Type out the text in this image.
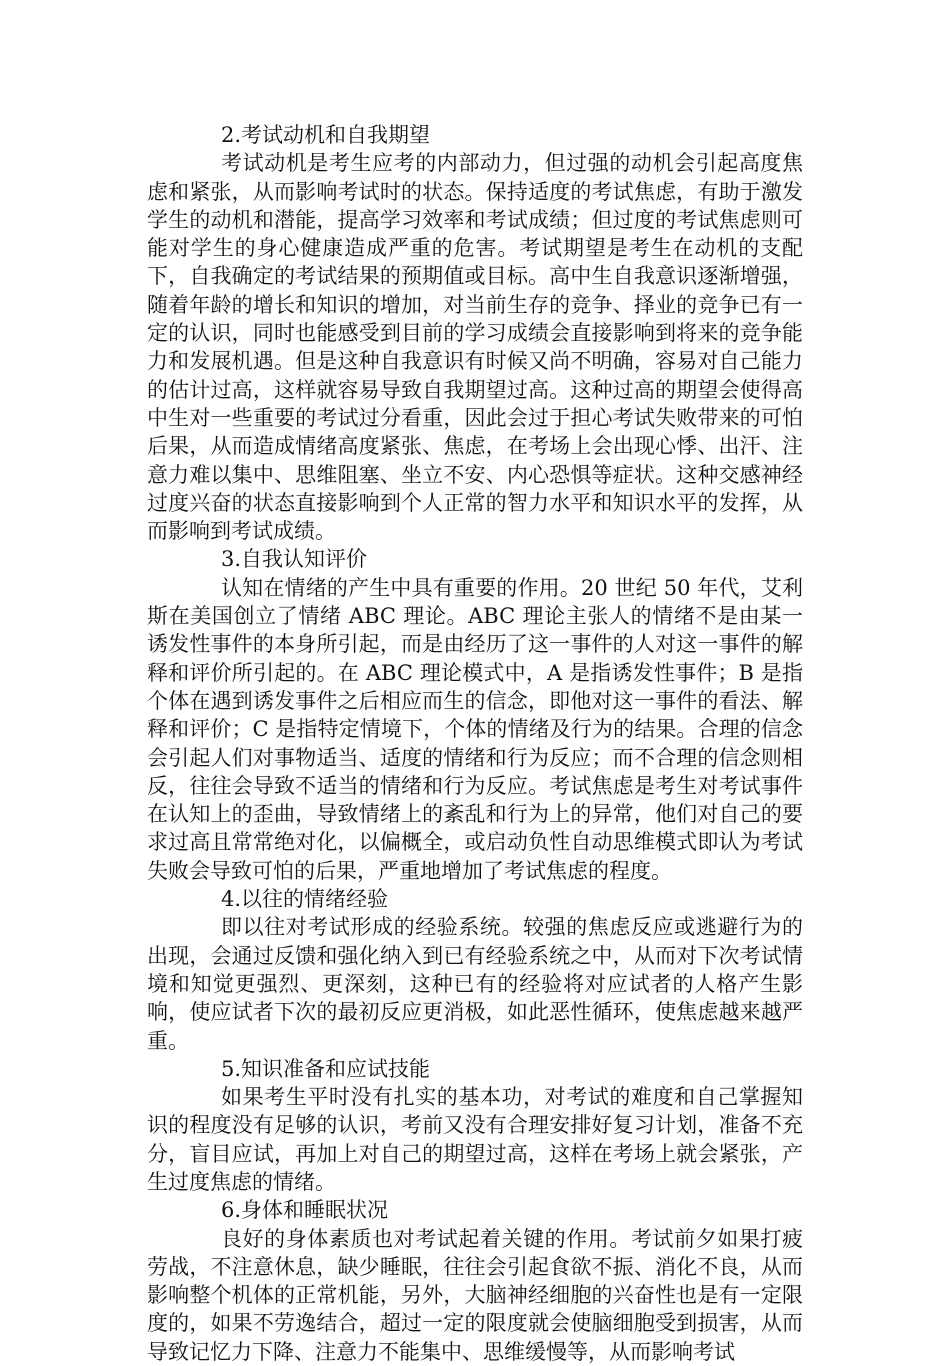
2.考试动机和自我期望

考试动机是考生应考的内部动力，但过强的动机会引起高度焦虑和紧张，从而影响考试时的状态。保持适度的考试焦虑，有助于激发学生的动机和潜能，提高学习效率和考试成绩；但过度的考试焦虑则可能对学生的身心健康造成严重的危害。考试期望是考生在动机的支配下，自我确定的考试结果的预期值或目标。高中生自我意识逐渐增强，随着年龄的增长和知识的增加，对当前生存的竞争、择业的竞争已有一定的认识，同时也能感受到目前的学习成绩会直接影响到将来的竞争能力和发展机遇。但是这种自我意识有时候又尚不明确，容易对自己能力的估计过高，这样就容易导致自我期望过高。这种过高的期望会使得高中生对一些重要的考试过分看重，因此会过于担心考试失败带来的可怕后果，从而造成情绪高度紧张、焦虑，在考场上会出现心悸、出汗、注意力难以集中、思维阻塞、坐立不安、内心恐惧等症状。这种交感神经过度兴奋的状态直接影响到个人正常的智力水平和知识水平的发挥，从而影响到考试成绩。

3.自我认知评价

认知在情绪的产生中具有重要的作用。20 世纪 50 年代，艾利斯在美国创立了情绪 ABC 理论。ABC 理论主张人的情绪不是由某一诱发性事件的本身所引起，而是由经历了这一事件的人对这一事件的解释和评价所引起的。在 ABC 理论模式中，A 是指诱发性事件；B 是指个体在遇到诱发事件之后相应而生的信念，即他对这一事件的看法、解释和评价；C 是指特定情境下，个体的情绪及行为的结果。合理的信念会引起人们对事物适当、适度的情绪和行为反应；而不合理的信念则相反，往往会导致不适当的情绪和行为反应。考试焦虑是考生对考试事件在认知上的歪曲，导致情绪上的紊乱和行为上的异常，他们对自己的要求过高且常常绝对化，以偏概全，或启动负性自动思维模式即认为考试失败会导致可怕的后果，严重地增加了考试焦虑的程度。

4.以往的情绪经验

即以往对考试形成的经验系统。较强的焦虑反应或逃避行为的出现，会通过反馈和强化纳入到已有经验系统之中，从而对下次考试情境和知觉更强烈、更深刻，这种已有的经验将对应试者的人格产生影响，使应试者下次的最初反应更消极，如此恶性循环，使焦虑越来越严重。

5.知识准备和应试技能

如果考生平时没有扎实的基本功，对考试的难度和自己掌握知识的程度没有足够的认识，考前又没有合理安排好复习计划，准备不充分，盲目应试，再加上对自己的期望过高，这样在考场上就会紧张，产生过度焦虑的情绪。

6.身体和睡眠状况

良好的身体素质也对考试起着关键的作用。考试前夕如果打疲劳战，不注意休息，缺少睡眠，往往会引起食欲不振、消化不良，从而影响整个机体的正常机能，另外，大脑神经细胞的兴奋性也是有一定限度的，如果不劳逸结合，超过一定的限度就会使脑细胞受到损害，从而导致记忆力下降、注意力不能集中、思维缓慢等，从而影响考试
